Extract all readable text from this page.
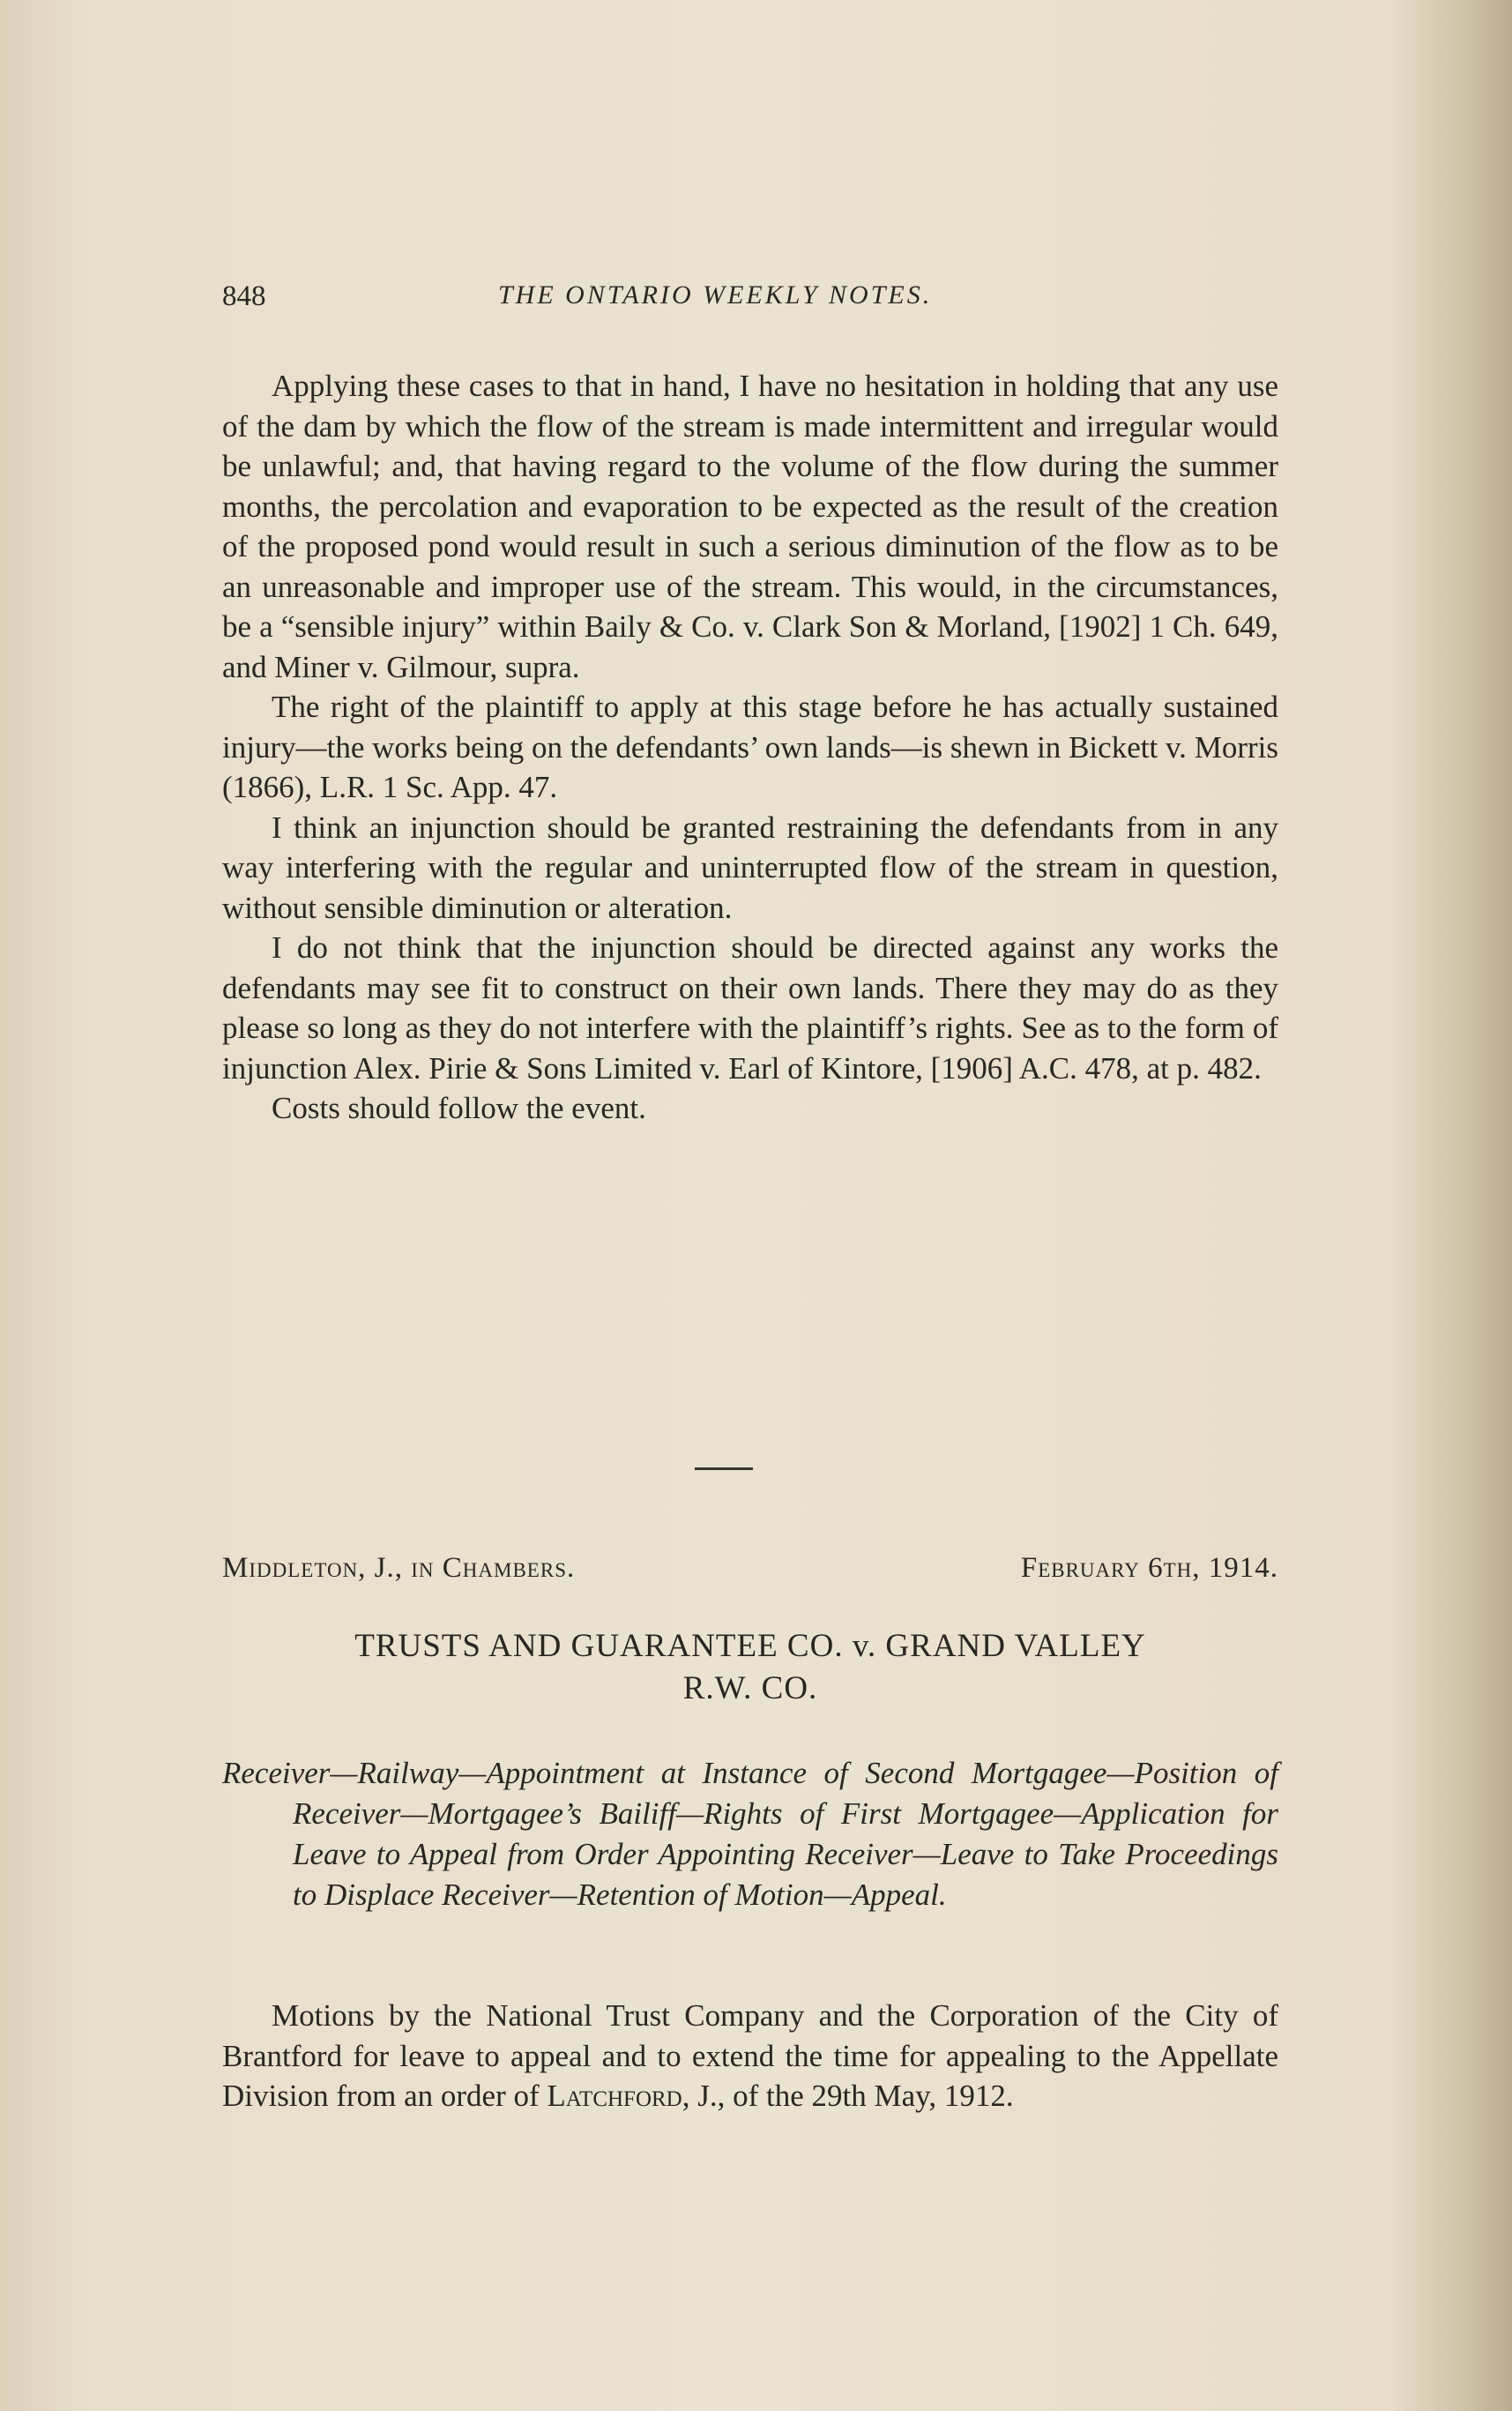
848	THE ONTARIO WEEKLY NOTES.

Applying these cases to that in hand, I have no hesitation in holding that any use of the dam by which the flow of the stream is made intermittent and irregular would be unlawful; and, that having regard to the volume of the flow during the summer months, the percolation and evaporation to be expected as the result of the creation of the proposed pond would result in such a serious diminution of the flow as to be an unreasonable and improper use of the stream. This would, in the circumstances, be a “sensible injury” within Baily & Co. v. Clark Son & Morland, [1902] 1 Ch. 649, and Miner v. Gilmour, supra.

The right of the plaintiff to apply at this stage before he has actually sustained injury—the works being on the defendants’ own lands—is shewn in Bickett v. Morris (1866), L.R. 1 Sc. App. 47.

I think an injunction should be granted restraining the defendants from in any way interfering with the regular and uninterrupted flow of the stream in question, without sensible diminution or alteration.

I do not think that the injunction should be directed against any works the defendants may see fit to construct on their own lands. There they may do as they please so long as they do not interfere with the plaintiff’s rights. See as to the form of injunction Alex. Pirie & Sons Limited v. Earl of Kintore, [1906] A.C. 478, at p. 482.

Costs should follow the event.

Middleton, J., in Chambers.	February 6th, 1914.
TRUSTS AND GUARANTEE CO. v. GRAND VALLEY
R.W. CO.
Receiver—Railway—Appointment at Instance of Second Mortgagee—Position of Receiver—Mortgagee’s Bailiff—Rights of First Mortgagee—Application for Leave to Appeal from Order Appointing Receiver—Leave to Take Proceedings to Displace Receiver—Retention of Motion—Appeal.

Motions by the National Trust Company and the Corporation of the City of Brantford for leave to appeal and to extend the time for appealing to the Appellate Division from an order of Latchford, J., of the 29th May, 1912.
